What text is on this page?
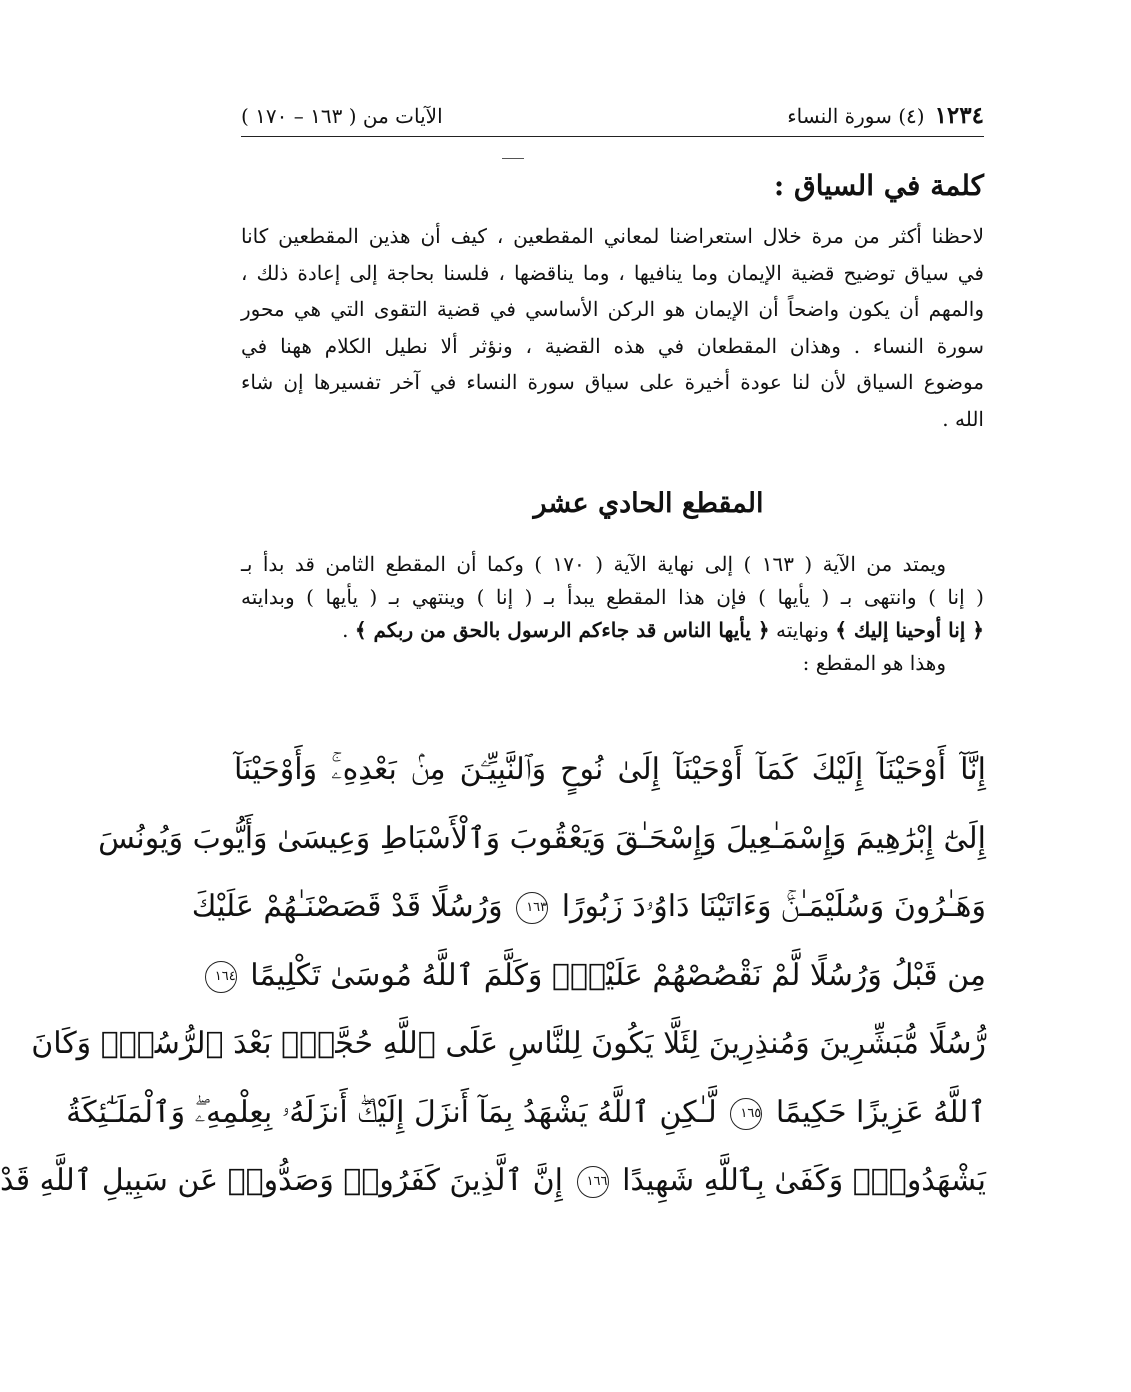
١٢٣٤
(٤) سورة النساء
الآيات من ( ١٦٣ – ١٧٠ )
كلمة في السياق :
لاحظنا أكثر من مرة خلال استعراضنا لمعاني المقطعين ، كيف أن هذين المقطعين كانا
في سياق توضيح قضية الإيمان وما ينافيها ، وما يناقضها ، فلسنا بحاجة إلى إعادة ذلك ،
والمهم أن يكون واضحاً أن الإيمان هو الركن الأساسي في قضية التقوى التي هي محور
سورة النساء . وهذان المقطعان في هذه القضية ، ونؤثر ألا نطيل الكلام ههنا في
موضوع السياق لأن لنا عودة أخيرة على سياق سورة النساء في آخر تفسيرها إن شاء
الله .
المقطع الحادي عشر
ويمتد من الآية ( ١٦٣ ) إلى نهاية الآية ( ١٧٠ ) وكما أن المقطع الثامن قد بدأ بـ
( إنا ) وانتهى بـ ( يأيها ) فإن هذا المقطع يبدأ بـ ( إنا ) وينتهي بـ ( يأيها ) وبدايته
﴿ إنا أوحينا إليك ﴾ ونهايته ﴿ يأيها الناس قد جاءكم الرسول بالحق من ربكم ﴾ .
وهذا هو المقطع :
إِنَّآ أَوْحَيْنَآ إِلَيْكَ كَمَآ أَوْحَيْنَآ إِلَىٰ نُوحٍ وَٱلنَّبِيِّـۧنَ مِنۢ بَعْدِهِۦۚ وَأَوْحَيْنَآ
إِلَىٰٓ إِبْرَٰهِيمَ وَإِسْمَـٰعِيلَ وَإِسْحَـٰقَ وَيَعْقُوبَ وَٱلْأَسْبَاطِ وَعِيسَىٰ وَأَيُّوبَ وَيُونُسَ
وَهَـٰرُونَ وَسُلَيْمَـٰنَۚ وَءَاتَيْنَا دَاوُۥدَ زَبُورًا ١٦٣ وَرُسُلًا قَدْ قَصَصْنَـٰهُمْ عَلَيْكَ
مِن قَبْلُ وَرُسُلًا لَّمْ نَقْصُصْهُمْ عَلَيْكَۚ وَكَلَّمَ ٱللَّهُ مُوسَىٰ تَكْلِيمًا ١٦٤
رُّسُلًا مُّبَشِّرِينَ وَمُنذِرِينَ لِئَلَّا يَكُونَ لِلنَّاسِ عَلَى ٱللَّهِ حُجَّةٌۢ بَعْدَ ٱلرُّسُلِۚ وَكَانَ
ٱللَّهُ عَزِيزًا حَكِيمًا ١٦٥ لَّـٰكِنِ ٱللَّهُ يَشْهَدُ بِمَآ أَنزَلَ إِلَيْكَۖ أَنزَلَهُۥ بِعِلْمِهِۦۖ وَٱلْمَلَـٰٓئِكَةُ
يَشْهَدُونَۚ وَكَفَىٰ بِٱللَّهِ شَهِيدًا ١٦٦ إِنَّ ٱلَّذِينَ كَفَرُوا۟ وَصَدُّوا۟ عَن سَبِيلِ ٱللَّهِ قَدْ
